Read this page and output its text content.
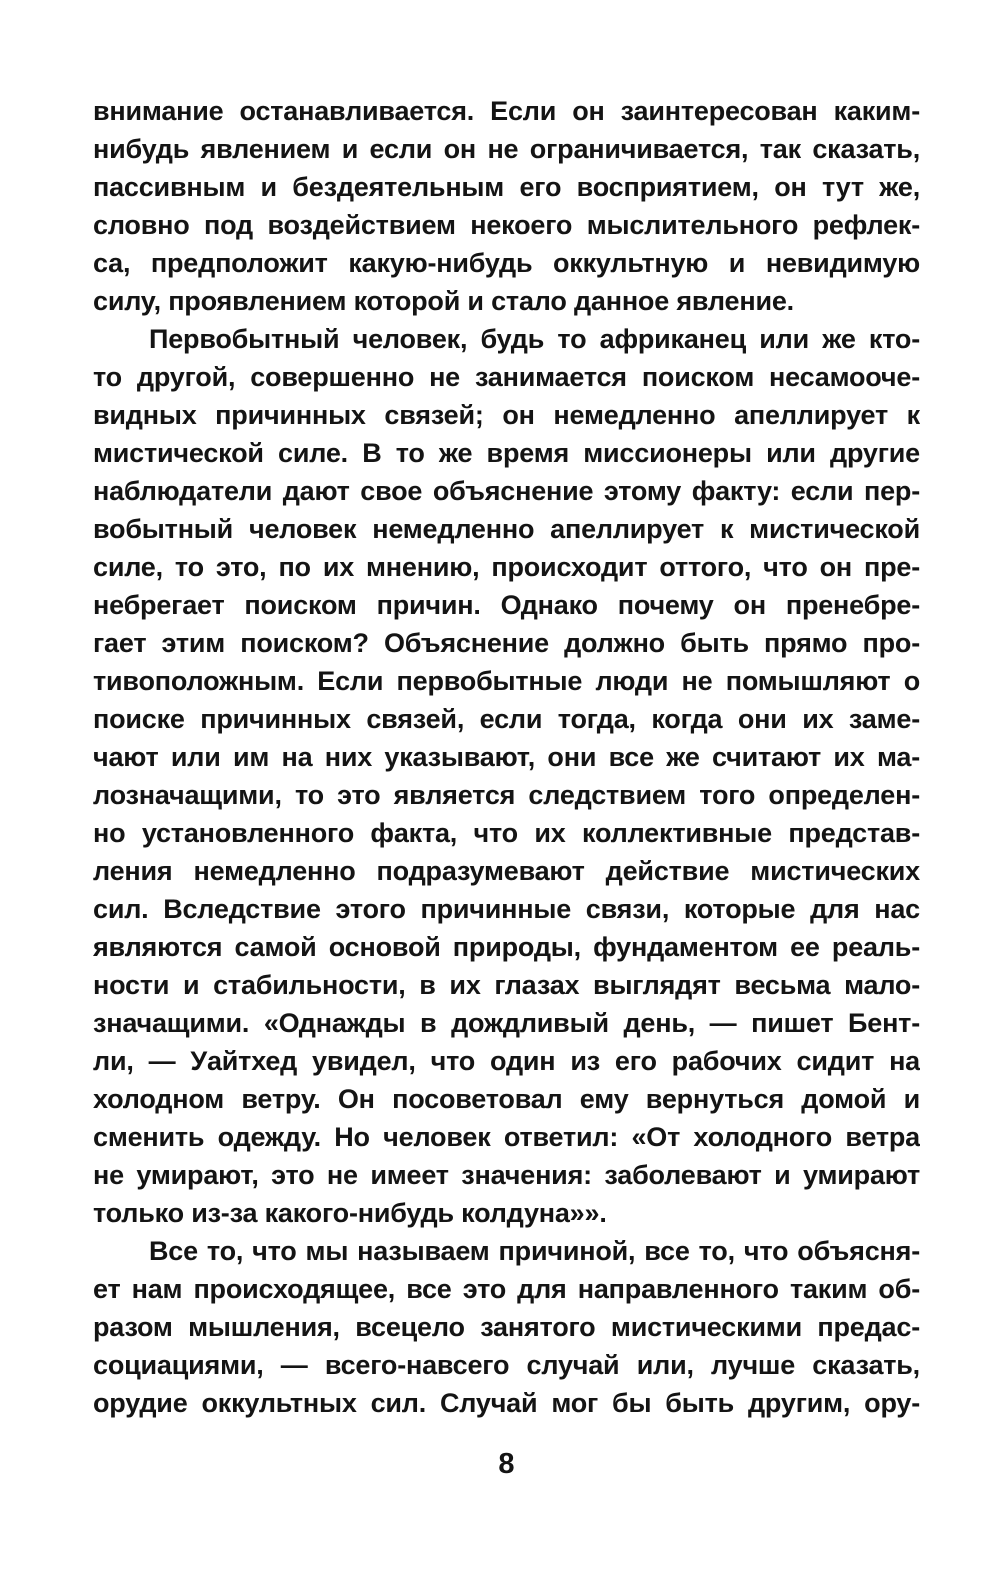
внимание останавливается. Если он заинтересован каким-
нибудь явлением и если он не ограничивается, так сказать,
пассивным и бездеятельным его восприятием, он тут же,
словно под воздействием некоего мыслительного рефлек-
са, предположит какую-нибудь оккультную и невидимую
силу, проявлением которой и стало данное явление.
Первобытный человек, будь то африканец или же кто-
то другой, совершенно не занимается поиском несамооче-
видных причинных связей; он немедленно апеллирует к
мистической силе. В то же время миссионеры или другие
наблюдатели дают свое объяснение этому факту: если пер-
вобытный человек немедленно апеллирует к мистической
силе, то это, по их мнению, происходит оттого, что он пре-
небрегает поиском причин. Однако почему он пренебре-
гает этим поиском? Объяснение должно быть прямо про-
тивоположным. Если первобытные люди не помышляют о
поиске причинных связей, если тогда, когда они их заме-
чают или им на них указывают, они все же считают их ма-
лозначащими, то это является следствием того определен-
но установленного факта, что их коллективные представ-
ления немедленно подразумевают действие мистических
сил. Вследствие этого причинные связи, которые для нас
являются самой основой природы, фундаментом ее реаль-
ности и стабильности, в их глазах выглядят весьма мало-
значащими. «Однажды в дождливый день, — пишет Бент-
ли, — Уайтхед увидел, что один из его рабочих сидит на
холодном ветру. Он посоветовал ему вернуться домой и
сменить одежду. Но человек ответил: «От холодного ветра
не умирают, это не имеет значения: заболевают и умирают
только из-за какого-нибудь колдуна»».
Все то, что мы называем причиной, все то, что объясня-
ет нам происходящее, все это для направленного таким об-
разом мышления, всецело занятого мистическими предас-
социациями, — всего-навсего случай или, лучше сказать,
орудие оккультных сил. Случай мог бы быть другим, ору-
8
